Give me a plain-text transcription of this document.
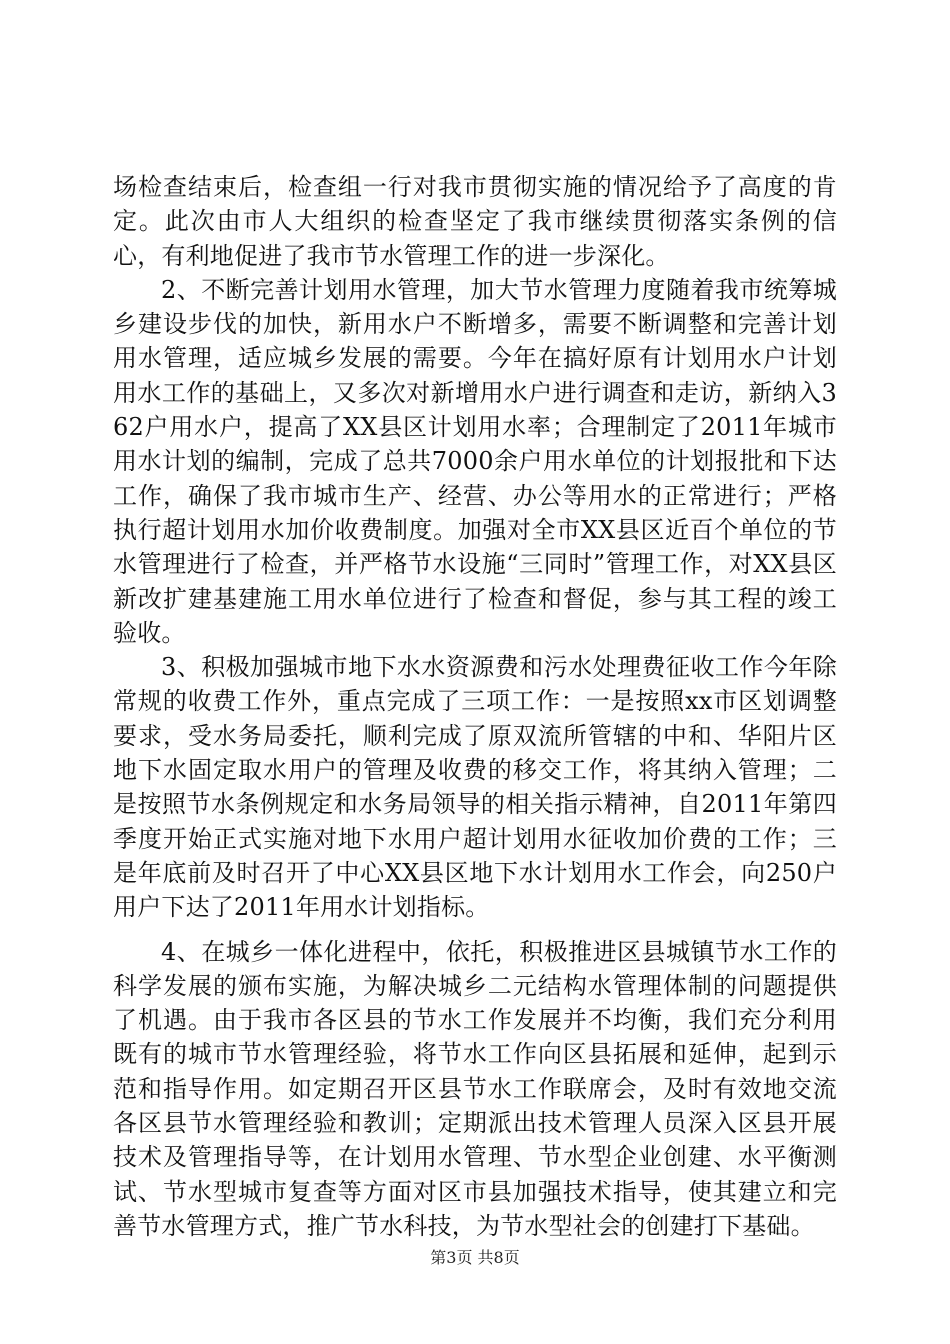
场检查结束后，检查组一行对我市贯彻实施的情况给予了高度的肯定。此次由市人大组织的检查坚定了我市继续贯彻落实条例的信心，有利地促进了我市节水管理工作的进一步深化。

2、不断完善计划用水管理，加大节水管理力度随着我市统筹城乡建设步伐的加快，新用水户不断增多，需要不断调整和完善计划用水管理，适应城乡发展的需要。今年在搞好原有计划用水户计划用水工作的基础上，又多次对新增用水户进行调查和走访，新纳入362户用水户，提高了XX县区计划用水率；合理制定了2011年城市用水计划的编制，完成了总共7000余户用水单位的计划报批和下达工作，确保了我市城市生产、经营、办公等用水的正常进行；严格执行超计划用水加价收费制度。加强对全市XX县区近百个单位的节水管理进行了检查，并严格节水设施“三同时”管理工作，对XX县区新改扩建基建施工用水单位进行了检查和督促，参与其工程的竣工验收。

3、积极加强城市地下水水资源费和污水处理费征收工作今年除常规的收费工作外，重点完成了三项工作：一是按照xx市区划调整要求，受水务局委托，顺利完成了原双流所管辖的中和、华阳片区地下水固定取水用户的管理及收费的移交工作，将其纳入管理；二是按照节水条例规定和水务局领导的相关指示精神，自2011年第四季度开始正式实施对地下水用户超计划用水征收加价费的工作；三是年底前及时召开了中心XX县区地下水计划用水工作会，向250户用户下达了2011年用水计划指标。

4、在城乡一体化进程中，依托，积极推进区县城镇节水工作的科学发展的颁布实施，为解决城乡二元结构水管理体制的问题提供了机遇。由于我市各区县的节水工作发展并不均衡，我们充分利用既有的城市节水管理经验，将节水工作向区县拓展和延伸，起到示范和指导作用。如定期召开区县节水工作联席会，及时有效地交流各区县节水管理经验和教训；定期派出技术管理人员深入区县开展技术及管理指导等，在计划用水管理、节水型企业创建、水平衡测试、节水型城市复查等方面对区市县加强技术指导，使其建立和完善节水管理方式，推广节水科技，为节水型社会的创建打下基础。

第3页 共8页
